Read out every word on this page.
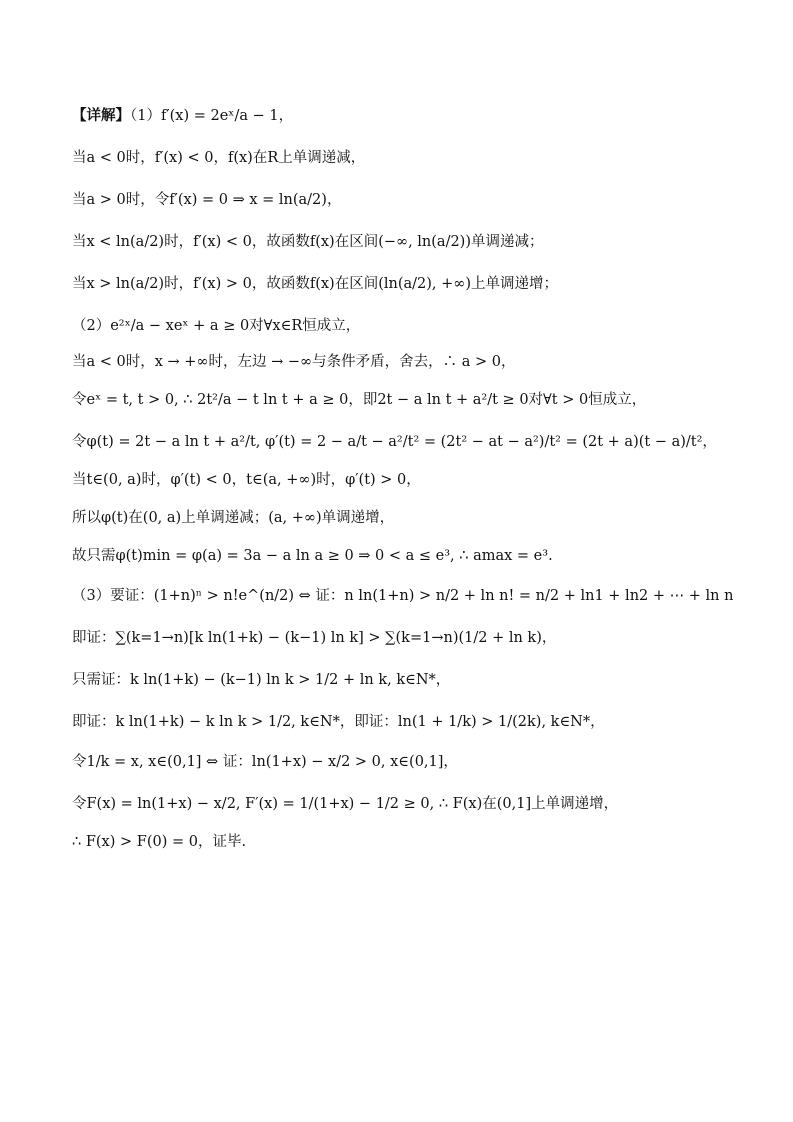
【详解】（1）f′(x) = 2eˣ/a − 1，
当a < 0时，f′(x) < 0，f(x)在R上单调递减，
当a > 0时，令f′(x) = 0 ⇒ x = ln(a/2)，
当x < ln(a/2)时，f′(x) < 0，故函数f(x)在区间(−∞, ln(a/2))单调递减；
当x > ln(a/2)时，f′(x) > 0，故函数f(x)在区间(ln(a/2), +∞)上单调递增；
（2）e²ˣ/a − xeˣ + a ≥ 0对∀x∈R恒成立，
当a < 0时，x → +∞时，左边 → −∞与条件矛盾，舍去，∴ a > 0，
令eˣ = t, t > 0, ∴ 2t²/a − t ln t + a ≥ 0，即2t − a ln t + a²/t ≥ 0对∀t > 0恒成立，
令φ(t) = 2t − a ln t + a²/t, φ′(t) = 2 − a/t − a²/t² = (2t² − at − a²)/t² = (2t + a)(t − a)/t²，
当t∈(0, a)时，φ′(t) < 0，t∈(a, +∞)时，φ′(t) > 0，
所以φ(t)在(0, a)上单调递减；(a, +∞)单调递增，
故只需φ(t)min = φ(a) = 3a − a ln a ≥ 0 ⇒ 0 < a ≤ e³, ∴ amax = e³.
（3）要证：(1+n)ⁿ > n!e^(n/2) ⇔ 证：n ln(1+n) > n/2 + ln n! = n/2 + ln1 + ln2 + ⋯ + ln n
即证：∑(k=1→n)[k ln(1+k) − (k−1) ln k] > ∑(k=1→n)(1/2 + ln k)，
只需证：k ln(1+k) − (k−1) ln k > 1/2 + ln k, k∈N*，
即证：k ln(1+k) − k ln k > 1/2, k∈N*，即证：ln(1 + 1/k) > 1/(2k), k∈N*，
令1/k = x, x∈(0,1] ⇔ 证：ln(1+x) − x/2 > 0, x∈(0,1]，
令F(x) = ln(1+x) − x/2, F′(x) = 1/(1+x) − 1/2 ≥ 0, ∴ F(x)在(0,1]上单调递增，
∴ F(x) > F(0) = 0，证毕.
